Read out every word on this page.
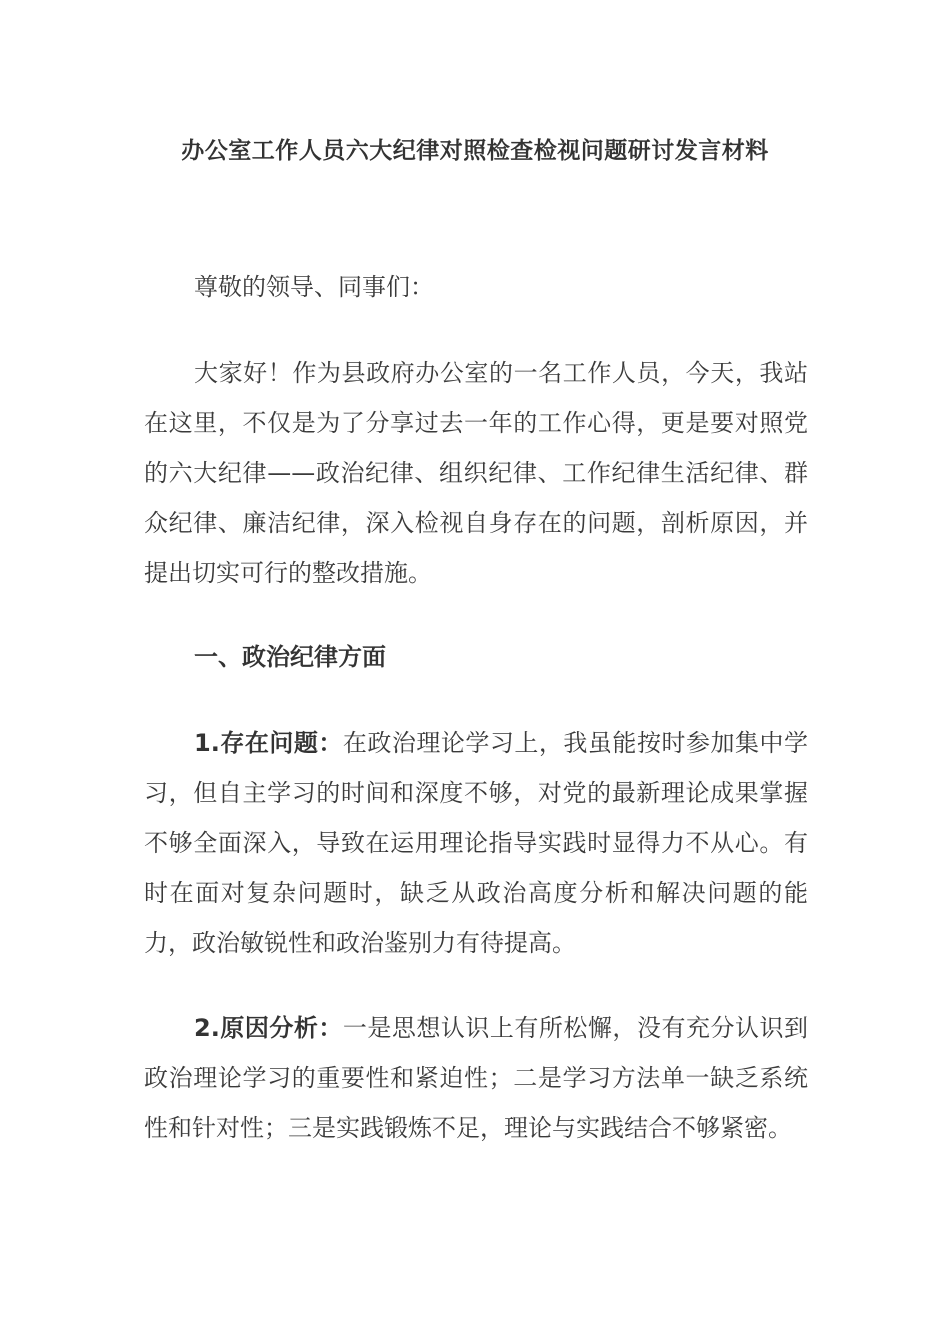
办公室工作人员六大纪律对照检查检视问题研讨发言材料

尊敬的领导、同事们：

大家好！作为县政府办公室的一名工作人员，今天，我站在这里，不仅是为了分享过去一年的工作心得，更是要对照党的六大纪律——政治纪律、组织纪律、工作纪律生活纪律、群众纪律、廉洁纪律，深入检视自身存在的问题，剖析原因，并提出切实可行的整改措施。

一、政治纪律方面

1.存在问题：在政治理论学习上，我虽能按时参加集中学习，但自主学习的时间和深度不够，对党的最新理论成果掌握不够全面深入，导致在运用理论指导实践时显得力不从心。有时在面对复杂问题时，缺乏从政治高度分析和解决问题的能力，政治敏锐性和政治鉴别力有待提高。

2.原因分析：一是思想认识上有所松懈，没有充分认识到政治理论学习的重要性和紧迫性；二是学习方法单一缺乏系统性和针对性；三是实践锻炼不足，理论与实践结合不够紧密。
